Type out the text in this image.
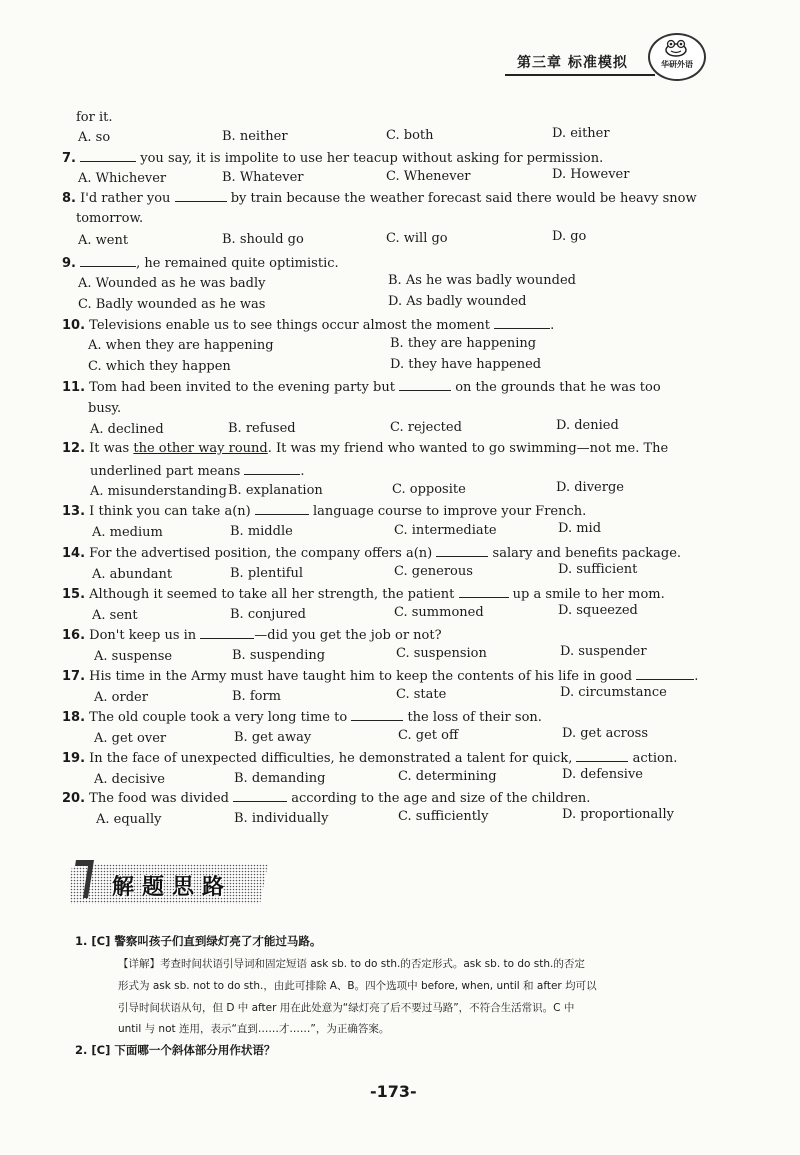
第三章 标准模拟	华研外语
for it.
A. so	B. neither	C. both	D. either
7.	you say, it is impolite to use her teacup without asking for permission.
A. Whichever	B. Whatever	C. Whenever	D. However
8. I'd rather you	by train because the weather forecast said there would be heavy snow
tomorrow.
A. went	B. should go	C. will go	D. go
9.	, he remained quite optimistic.
A. Wounded as he was badly	B. As he was badly wounded
C. Badly wounded as he was	D. As badly wounded
10. Televisions enable us to see things occur almost the moment	.
A. when they are happening	B. they are happening
C. which they happen	D. they have happened
11. Tom had been invited to the evening party but	on the grounds that he was too
busy.
A. declined	B. refused	C. rejected	D. denied
12. It was the other way round. It was my friend who wanted to go swimming—not me. The
underlined part means	.
A. misunderstanding B. explanation	C. opposite	D. diverge
13. I think you can take a(n)	language course to improve your French.
A. medium	B. middle	C. intermediate	D. mid
14. For the advertised position, the company offers a(n)	salary and benefits package.
A. abundant	B. plentiful	C. generous	D. sufficient
15. Although it seemed to take all her strength, the patient	up a smile to her mom.
A. sent	B. conjured	C. summoned	D. squeezed
16. Don't keep us in	—did you get the job or not?
A. suspense	B. suspending	C. suspension	D. suspender
17. His time in the Army must have taught him to keep the contents of his life in good	.
A. order	B. form	C. state	D. circumstance
18. The old couple took a very long time to	the loss of their son.
A. get over	B. get away	C. get off	D. get across
19. In the face of unexpected difficulties, he demonstrated a talent for quick,	action.
A. decisive	B. demanding	C. determining	D. defensive
20. The food was divided	according to the age and size of the children.
A. equally	B. individually	C. sufficiently	D. proportionally
解题思路
1. [C] 警察叫孩子们直到绿灯亮了才能过马路。
【详解】考查时间状语引导词和固定短语 ask sb. to do sth.的否定形式。ask sb. to do sth.的否定
形式为 ask sb. not to do sth.，由此可排除 A、B。四个选项中 before, when, until 和 after 均可以
引导时间状语从句，但 D 中 after 用在此处意为“绿灯亮了后不要过马路”，不符合生活常识。C 中
until 与 not 连用，表示“直到……才……”，为正确答案。
2. [C] 下面哪一个斜体部分用作状语？
-173-
